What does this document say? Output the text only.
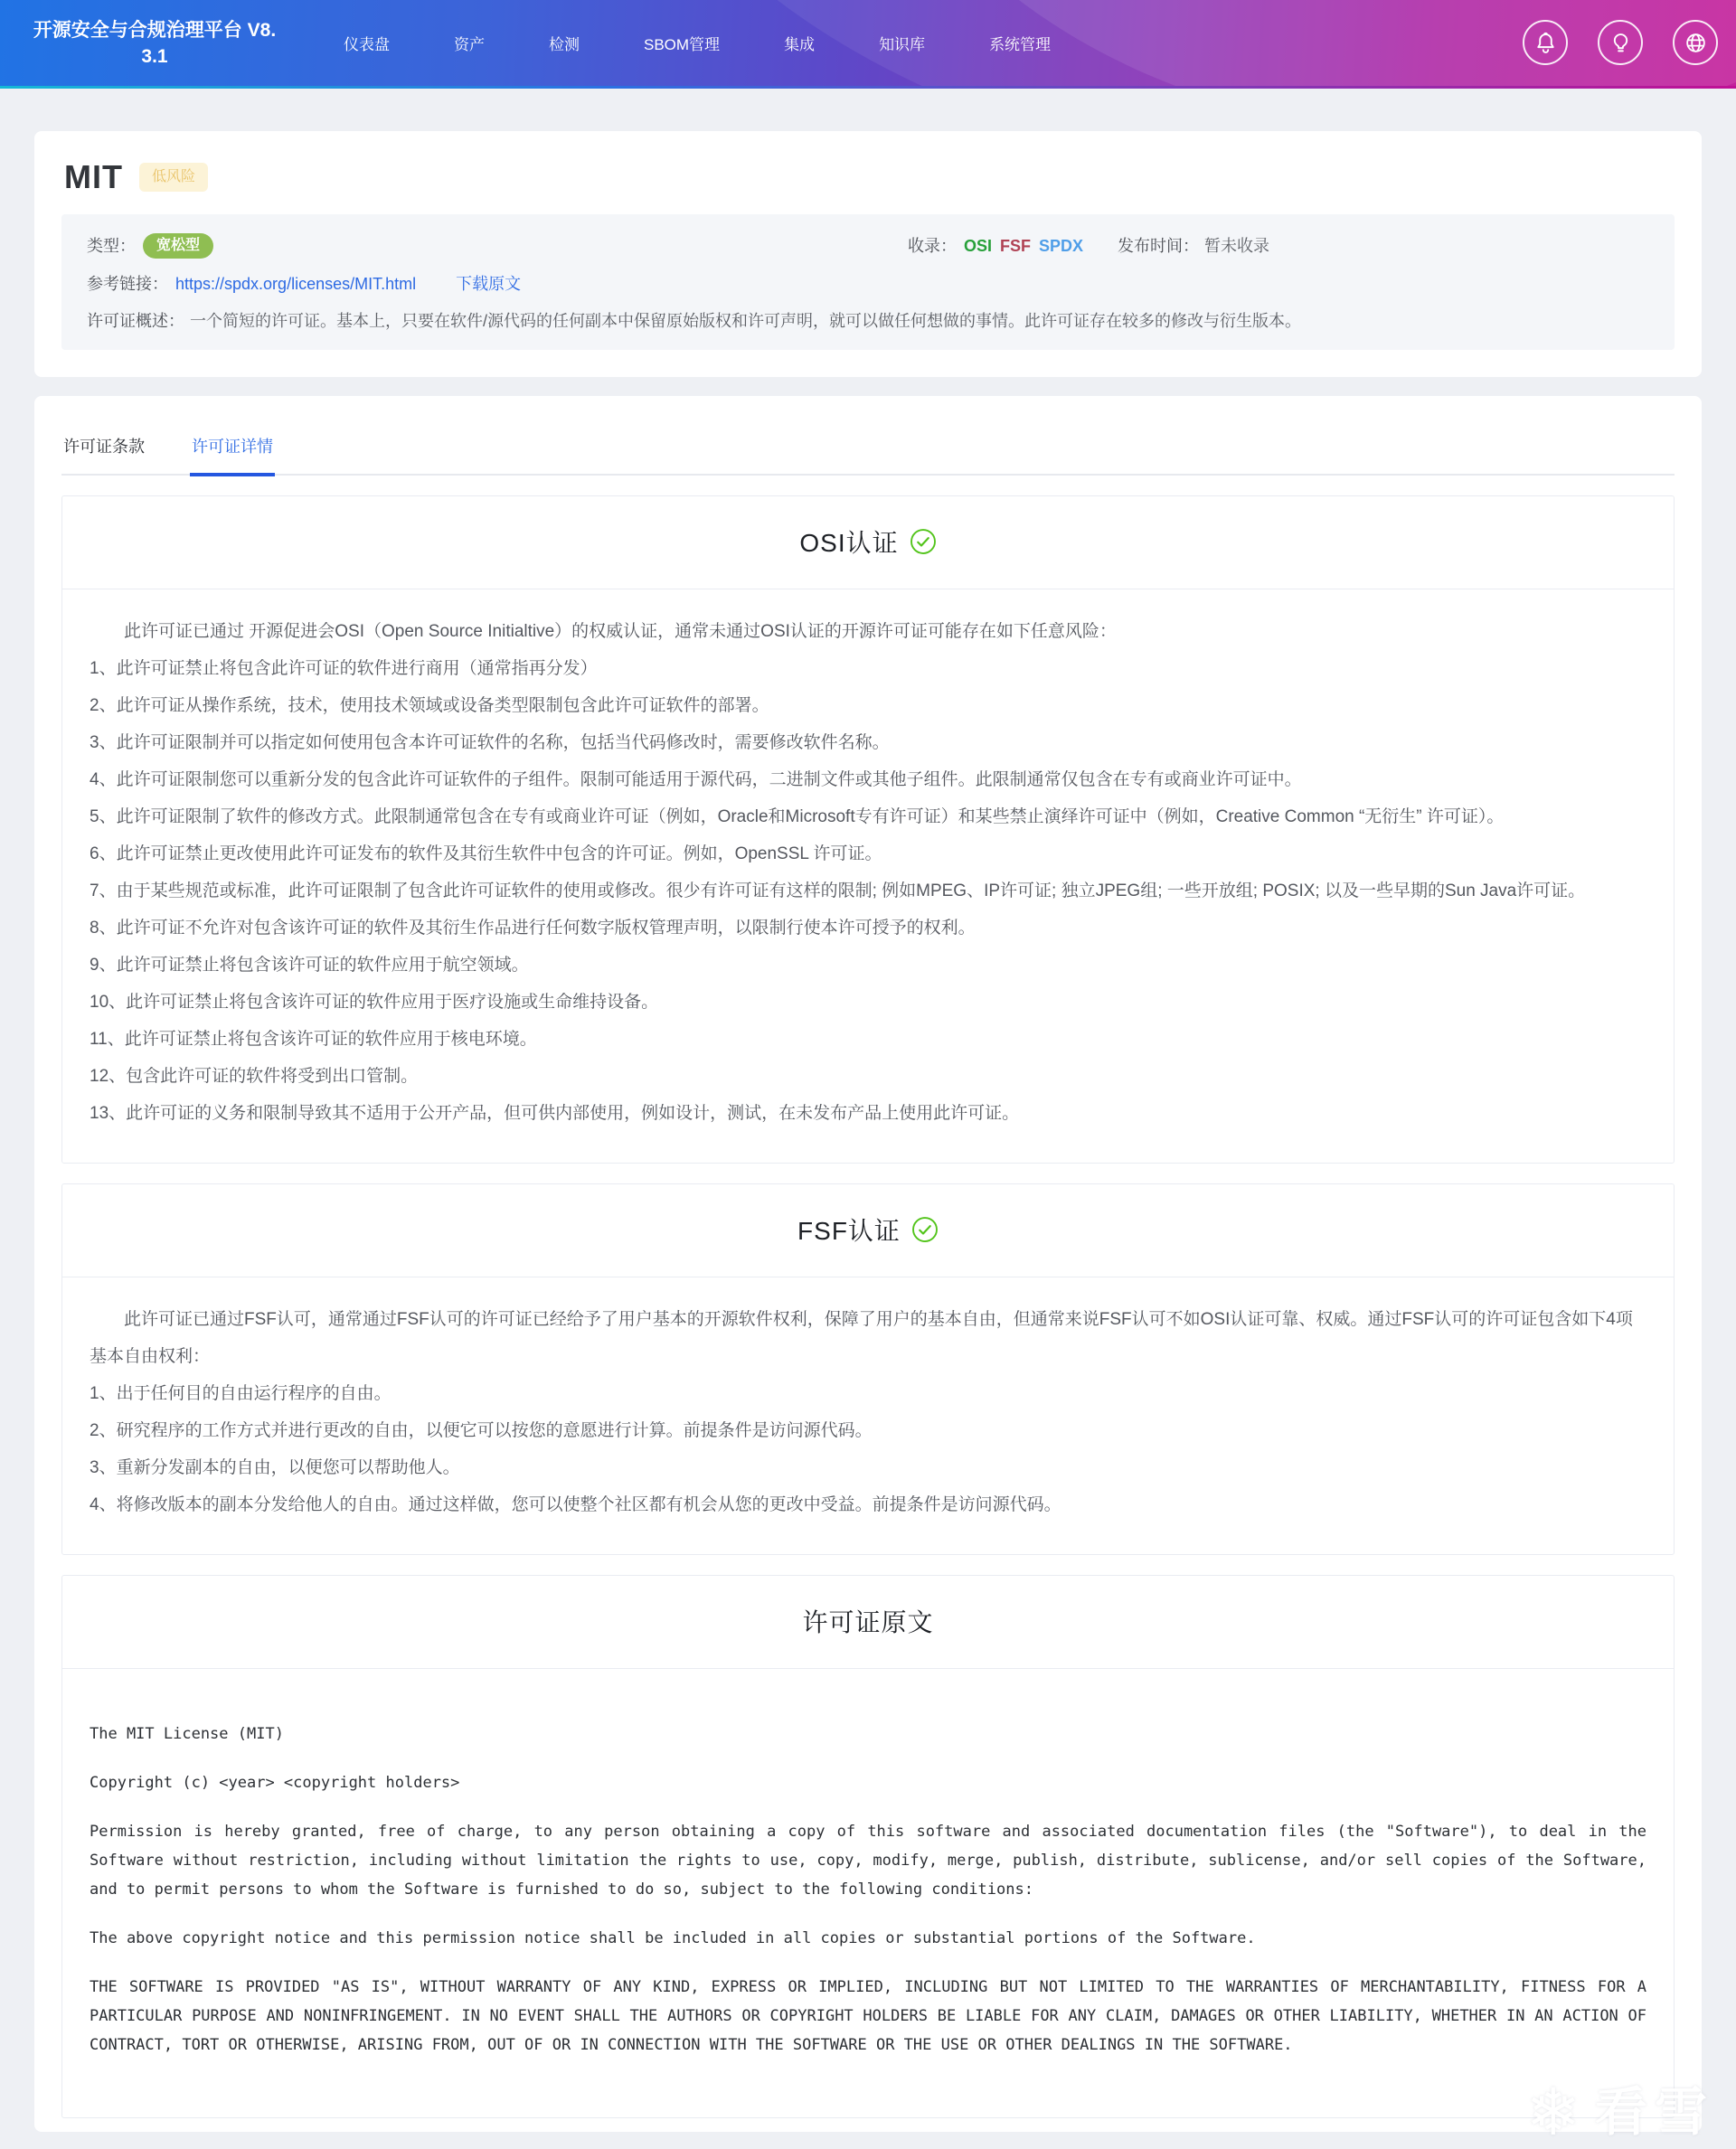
开源安全与合规治理平台 V8.
3.1
仪表盘	资产	检测	SBOM管理	集成	知识库	系统管理
MIT	低风险
类型：	宽松型	收录： OSI FSF SPDX 发布时间： 暂未收录
参考链接： https://spdx.org/licenses/MIT.html 下载原文
许可证概述： 一个简短的许可证。基本上，只要在软件/源代码的任何副本中保留原始版权和许可声明，就可以做任何想做的事情。此许可证存在较多的修改与衍生版本。
许可证条款	许可证详情
OSI认证

此许可证已通过 开源促进会OSI（Open Source Initialtive）的权威认证，通常未通过OSI认证的开源许可证可能存在如下任意风险：

1、此许可证禁止将包含此许可证的软件进行商用（通常指再分发）

2、此许可证从操作系统，技术，使用技术领域或设备类型限制包含此许可证软件的部署。

3、此许可证限制并可以指定如何使用包含本许可证软件的名称，包括当代码修改时，需要修改软件名称。

4、此许可证限制您可以重新分发的包含此许可证软件的子组件。限制可能适用于源代码，二进制文件或其他子组件。此限制通常仅包含在专有或商业许可证中。

5、此许可证限制了软件的修改方式。此限制通常包含在专有或商业许可证（例如，Oracle和Microsoft专有许可证）和某些禁止演绎许可证中（例如，Creative Common “无衍生” 许可证）。

6、此许可证禁止更改使用此许可证发布的软件及其衍生软件中包含的许可证。例如，OpenSSL 许可证。

7、由于某些规范或标准，此许可证限制了包含此许可证软件的使用或修改。很少有许可证有这样的限制; 例如MPEG、IP许可证; 独立JPEG组; 一些开放组; POSIX; 以及一些早期的Sun Java许可证。

8、此许可证不允许对包含该许可证的软件及其衍生作品进行任何数字版权管理声明，以限制行使本许可授予的权利。

9、此许可证禁止将包含该许可证的软件应用于航空领域。

10、此许可证禁止将包含该许可证的软件应用于医疗设施或生命维持设备。

11、此许可证禁止将包含该许可证的软件应用于核电环境。

12、包含此许可证的软件将受到出口管制。

13、此许可证的义务和限制导致其不适用于公开产品，但可供内部使用，例如设计，测试，在未发布产品上使用此许可证。

FSF认证

此许可证已通过FSF认可，通常通过FSF认可的许可证已经给予了用户基本的开源软件权利，保障了用户的基本自由，但通常来说FSF认可不如OSI认证可靠、权威。通过FSF认可的许可证包含如下4项基本自由权利：

1、出于任何目的自由运行程序的自由。

2、研究程序的工作方式并进行更改的自由，以便它可以按您的意愿进行计算。前提条件是访问源代码。

3、重新分发副本的自由，以便您可以帮助他人。

4、将修改版本的副本分发给他人的自由。通过这样做，您可以使整个社区都有机会从您的更改中受益。前提条件是访问源代码。

许可证原文

The MIT License (MIT)

Copyright (c) <year> <copyright holders>

Permission is hereby granted, free of charge, to any person obtaining a copy of this software and associated documentation files (the "Software"), to deal in the Software without restriction, including without limitation the rights to use, copy, modify, merge, publish, distribute, sublicense, and/or sell copies of the Software, and to permit persons to whom the Software is furnished to do so, subject to the following conditions:

The above copyright notice and this permission notice shall be included in all copies or substantial portions of the Software.

THE SOFTWARE IS PROVIDED "AS IS", WITHOUT WARRANTY OF ANY KIND, EXPRESS OR IMPLIED, INCLUDING BUT NOT LIMITED TO THE WARRANTIES OF MERCHANTABILITY, FITNESS FOR A PARTICULAR PURPOSE AND NONINFRINGEMENT. IN NO EVENT SHALL THE AUTHORS OR COPYRIGHT HOLDERS BE LIABLE FOR ANY CLAIM, DAMAGES OR OTHER LIABILITY, WHETHER IN AN ACTION OF CONTRACT, TORT OR OTHERWISE, ARISING FROM, OUT OF OR IN CONNECTION WITH THE SOFTWARE OR THE USE OR OTHER DEALINGS IN THE SOFTWARE.

❄ 看雪
